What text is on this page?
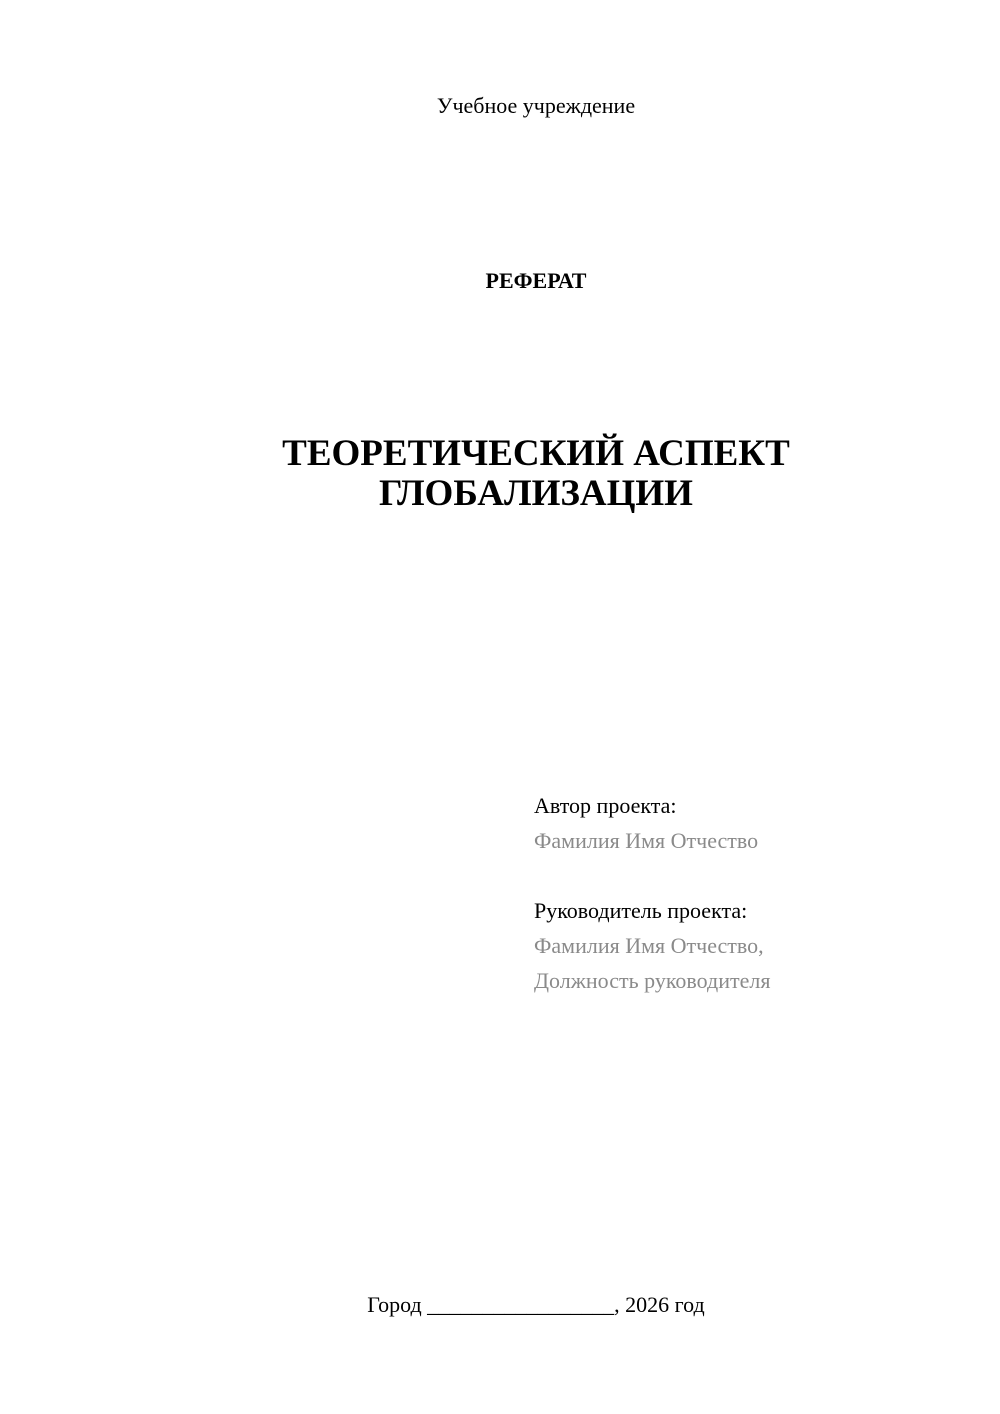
Учебное учреждение
РЕФЕРАТ
ТЕОРЕТИЧЕСКИЙ АСПЕКТ
ГЛОБАЛИЗАЦИИ
Автор проекта:
Фамилия Имя Отчество
Руководитель проекта:
Фамилия Имя Отчество,
Должность руководителя
Город _________________, 2026 год
